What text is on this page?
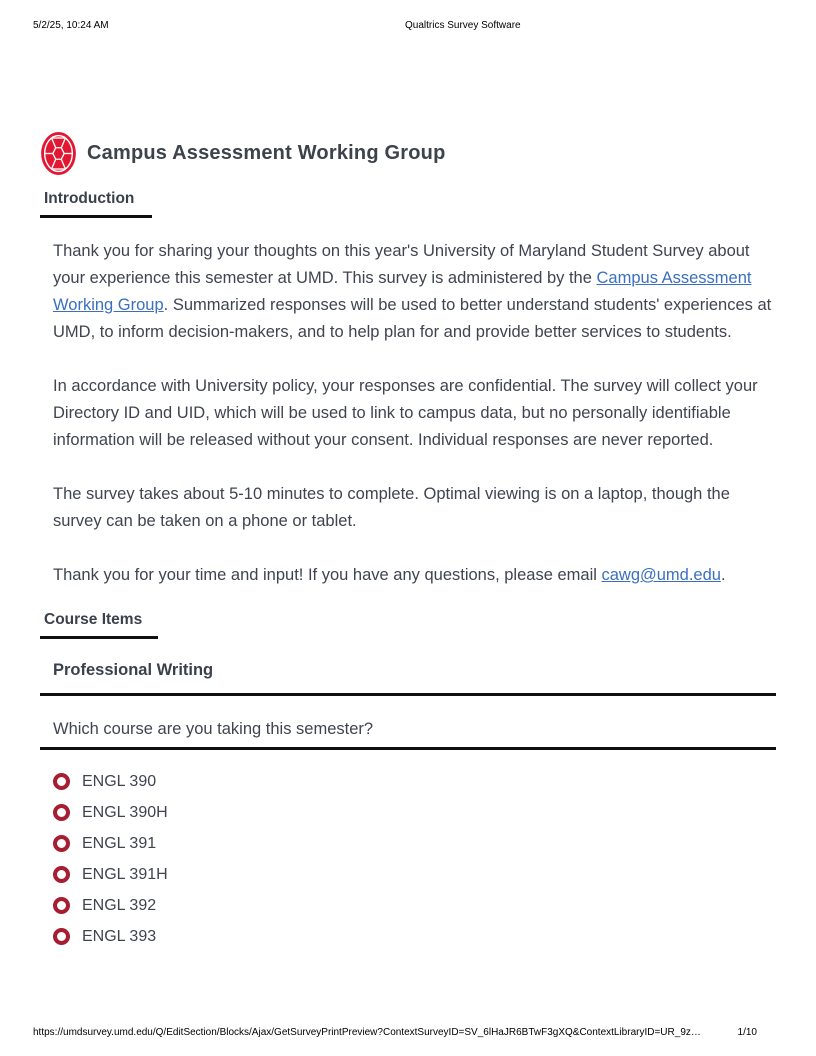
5/2/25, 10:24 AM	Qualtrics Survey Software
Campus Assessment Working Group
Introduction

Thank you for sharing your thoughts on this year's University of Maryland Student Survey about your experience this semester at UMD. This survey is administered by the Campus Assessment Working Group. Summarized responses will be used to better understand students' experiences at UMD, to inform decision-makers, and to help plan for and provide better services to students.

In accordance with University policy, your responses are confidential. The survey will collect your Directory ID and UID, which will be used to link to campus data, but no personally identifiable information will be released without your consent. Individual responses are never reported.

The survey takes about 5-10 minutes to complete. Optimal viewing is on a laptop, though the survey can be taken on a phone or tablet.

Thank you for your time and input! If you have any questions, please email cawg@umd.edu.

Course Items
Professional Writing
Which course are you taking this semester?
ENGL 390
ENGL 390H
ENGL 391
ENGL 391H
ENGL 392
ENGL 393
https://umdsurvey.umd.edu/Q/EditSection/Blocks/Ajax/GetSurveyPrintPreview?ContextSurveyID=SV_6lHaJR6BTwF3gXQ&ContextLibraryID=UR_9z…	1/10
